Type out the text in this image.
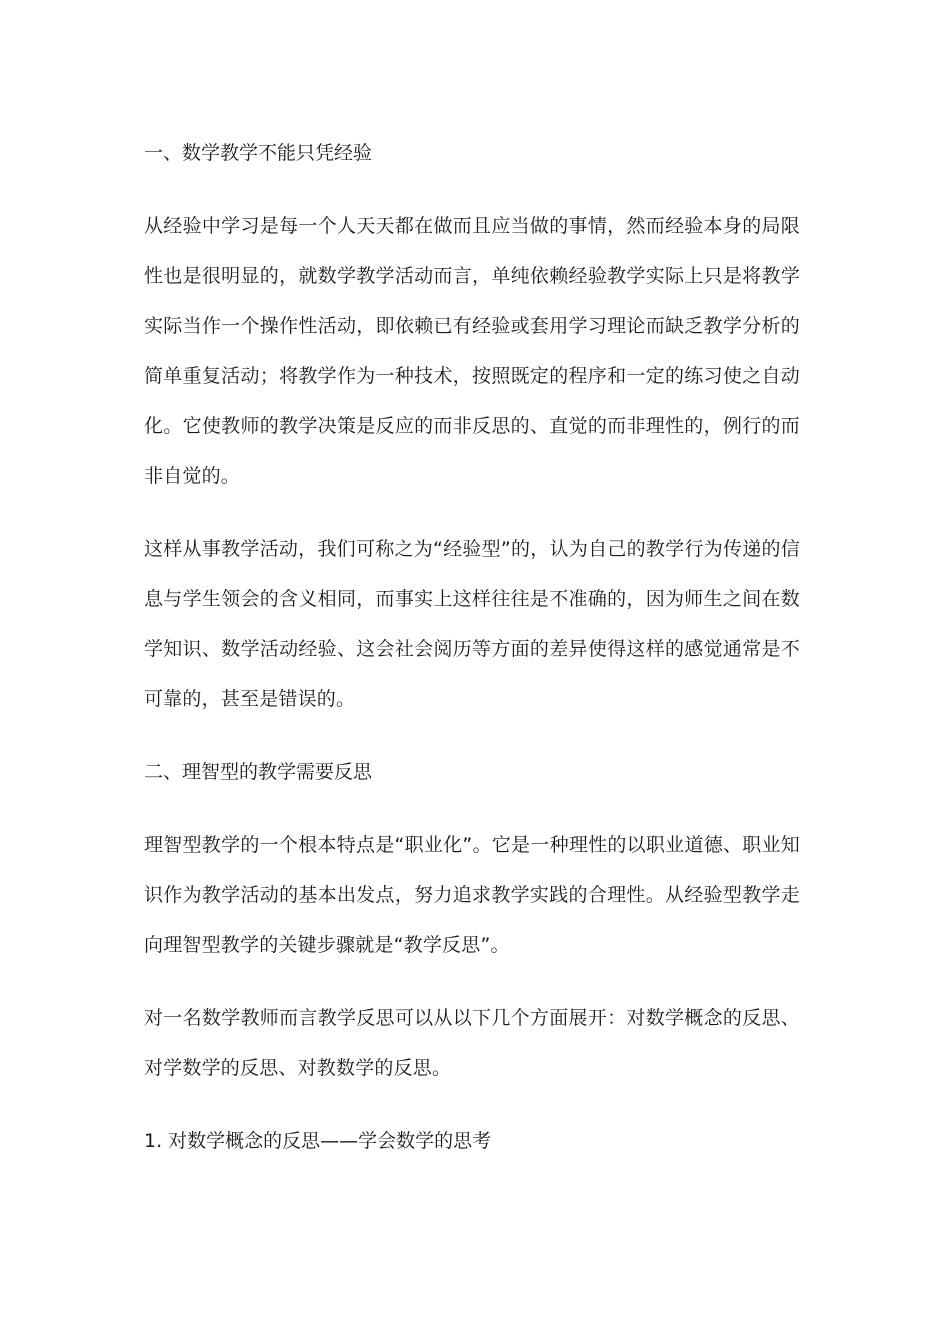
一、数学教学不能只凭经验

从经验中学习是每一个人天天都在做而且应当做的事情，然而经验本身的局限性也是很明显的，就数学教学活动而言，单纯依赖经验教学实际上只是将教学实际当作一个操作性活动，即依赖已有经验或套用学习理论而缺乏教学分析的简单重复活动；将教学作为一种技术，按照既定的程序和一定的练习使之自动化。它使教师的教学决策是反应的而非反思的、直觉的而非理性的，例行的而非自觉的。

这样从事教学活动，我们可称之为“经验型”的，认为自己的教学行为传递的信息与学生领会的含义相同，而事实上这样往往是不准确的，因为师生之间在数学知识、数学活动经验、这会社会阅历等方面的差异使得这样的感觉通常是不可靠的，甚至是错误的。

二、理智型的教学需要反思

理智型教学的一个根本特点是“职业化”。它是一种理性的以职业道德、职业知识作为教学活动的基本出发点，努力追求教学实践的合理性。从经验型教学走向理智型教学的关键步骤就是“教学反思”。

对一名数学教师而言教学反思可以从以下几个方面展开：对数学概念的反思、对学数学的反思、对教数学的反思。

1. 对数学概念的反思——学会数学的思考
